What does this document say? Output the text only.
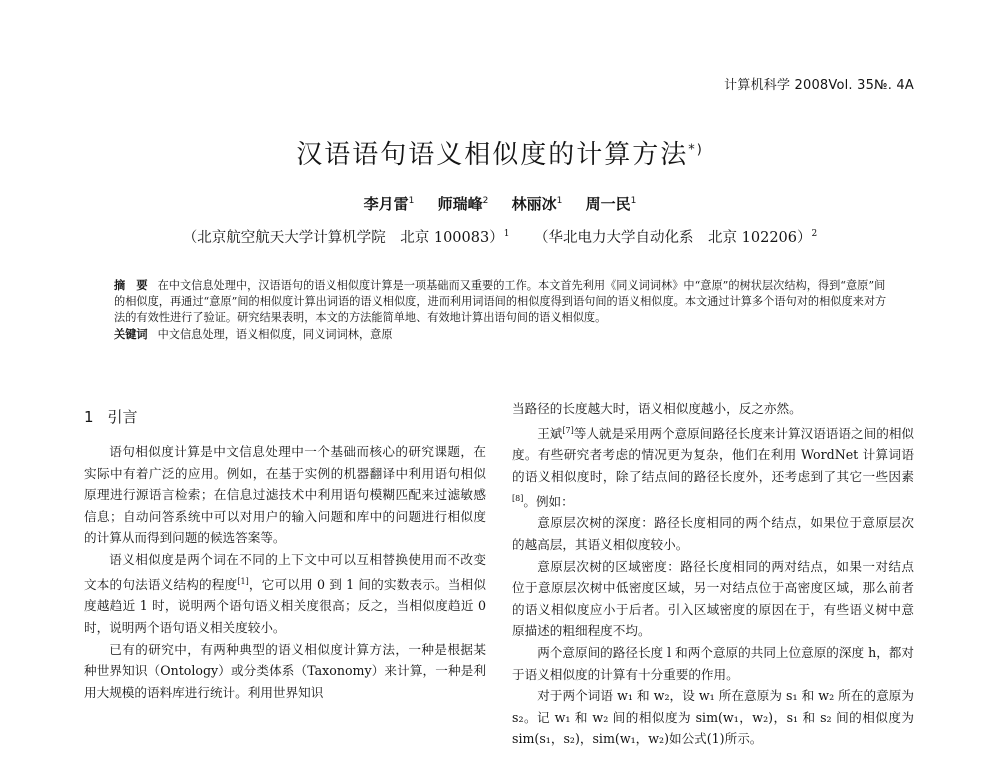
计算机科学 2008Vol. 35№. 4A
汉语语句语义相似度的计算方法*)
李月雷$^1$ 师瑞峰$^2$ 林丽冰$^1$ 周一民$^1$
（北京航空航天大学计算机学院　北京 100083）$^1$ （华北电力大学自动化系　北京 102206）$^2$
摘　要 在中文信息处理中，汉语语句的语义相似度计算是一项基础而又重要的工作。本文首先利用《同义词词林》中“意原”的树状层次结构，得到“意原”间的相似度，再通过“意原”间的相似度计算出词语的语义相似度，进而利用词语间的相似度得到语句间的语义相似度。本文通过计算多个语句对的相似度来对方法的有效性进行了验证。研究结果表明，本文的方法能简单地、有效地计算出语句间的语义相似度。
关键词 中文信息处理，语义相似度，同义词词林，意原
1 引言

语句相似度计算是中文信息处理中一个基础而核心的研究课题，在实际中有着广泛的应用。例如，在基于实例的机器翻译中利用语句相似原理进行源语言检索；在信息过滤技术中利用语句模糊匹配来过滤敏感信息；自动问答系统中可以对用户的输入问题和库中的问题进行相似度的计算从而得到问题的候选答案等。

语义相似度是两个词在不同的上下文中可以互相替换使用而不改变文本的句法语义结构的程度[1]，它可以用 0 到 1 间的实数表示。当相似度越趋近 1 时，说明两个语句语义相关度很高；反之，当相似度趋近 0 时，说明两个语句语义相关度较小。

已有的研究中，有两种典型的语义相似度计算方法，一种是根据某种世界知识（Ontology）或分类体系（Taxonomy）来计算，一种是利用大规模的语料库进行统计。利用世界知识

当路径的长度越大时，语义相似度越小，反之亦然。

王斌[7]等人就是采用两个意原间路径长度来计算汉语语语之间的相似度。有些研究者考虑的情况更为复杂，他们在利用 WordNet 计算词语的语义相似度时，除了结点间的路径长度外，还考虑到了其它一些因素[8]。例如：

意原层次树的深度：路径长度相同的两个结点，如果位于意原层次的越高层，其语义相似度较小。

意原层次树的区域密度：路径长度相同的两对结点，如果一对结点位于意原层次树中低密度区域，另一对结点位于高密度区域，那么前者的语义相似度应小于后者。引入区域密度的原因在于，有些语义树中意原描述的粗细程度不均。

两个意原间的路径长度 l 和两个意原的共同上位意原的深度 h，都对于语义相似度的计算有十分重要的作用。

对于两个词语 w₁ 和 w₂，设 w₁ 所在意原为 s₁ 和 w₂ 所在的意原为 s₂。记 w₁ 和 w₂ 间的相似度为 sim(w₁，w₂)，s₁ 和 s₂ 间的相似度为 sim(s₁，s₂)，sim(w₁，w₂)如公式(1)所示。
